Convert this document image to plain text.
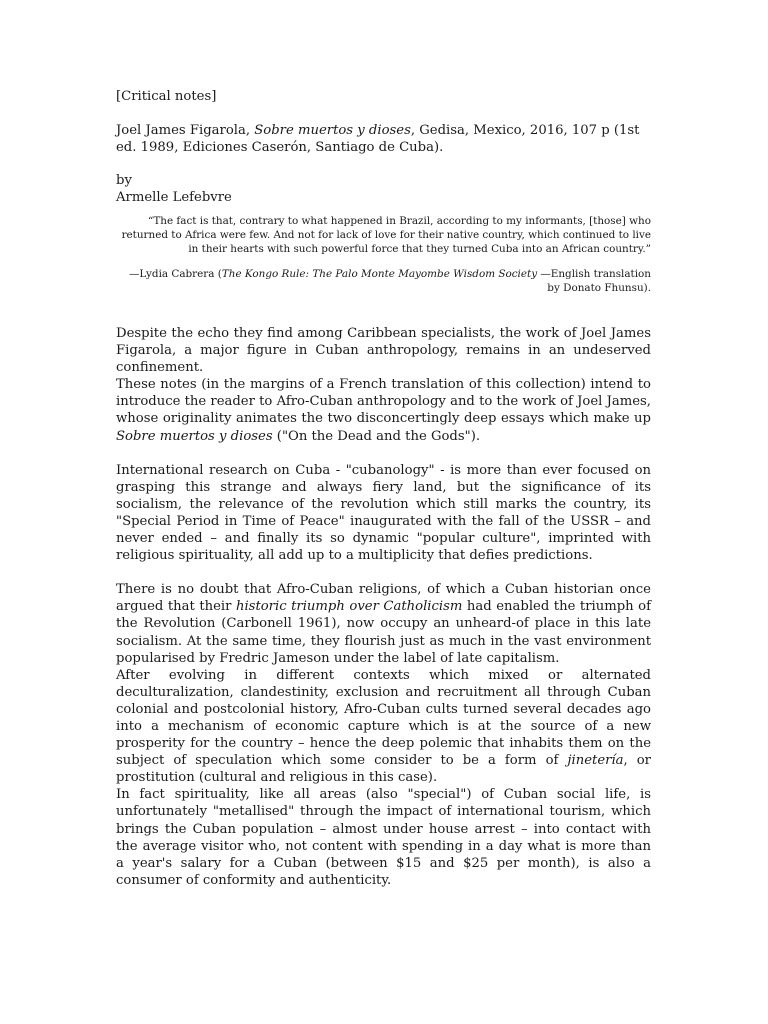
[Critical notes]

Joel James Figarola, Sobre muertos y dioses, Gedisa, Mexico, 2016, 107 p (1st ed. 1989, Ediciones Caserón, Santiago de Cuba).

by

Armelle Lefebvre

“The fact is that, contrary to what happened in Brazil, according to my informants, [those] who returned to Africa were few. And not for lack of love for their native country, which continued to live in their hearts with such powerful force that they turned Cuba into an African country.”

—Lydia Cabrera (The Kongo Rule: The Palo Monte Mayombe Wisdom Society —English translation by Donato Fhunsu).

Despite the echo they find among Caribbean specialists, the work of Joel James Figarola, a major figure in Cuban anthropology, remains in an undeserved confinement.

These notes (in the margins of a French translation of this collection) intend to introduce the reader to Afro-Cuban anthropology and to the work of Joel James, whose originality animates the two disconcertingly deep essays which make up Sobre muertos y dioses ("On the Dead and the Gods").

International research on Cuba - "cubanology" - is more than ever focused on grasping this strange and always fiery land, but the significance of its socialism, the relevance of the revolution which still marks the country, its "Special Period in Time of Peace" inaugurated with the fall of the USSR – and never ended – and finally its so dynamic "popular culture", imprinted with religious spirituality, all add up to a multiplicity that defies predictions.

There is no doubt that Afro-Cuban religions, of which a Cuban historian once argued that their historic triumph over Catholicism had enabled the triumph of the Revolution (Carbonell 1961), now occupy an unheard-of place in this late socialism. At the same time, they flourish just as much in the vast environment popularised by Fredric Jameson under the label of late capitalism.

After evolving in different contexts which mixed or alternated deculturalization, clandestinity, exclusion and recruitment all through Cuban colonial and postcolonial history, Afro-Cuban cults turned several decades ago into a mechanism of economic capture which is at the source of a new prosperity for the country – hence the deep polemic that inhabits them on the subject of speculation which some consider to be a form of jinetería, or prostitution (cultural and religious in this case).

In fact spirituality, like all areas (also "special") of Cuban social life, is unfortunately "metallised" through the impact of international tourism, which brings the Cuban population – almost under house arrest – into contact with the average visitor who, not content with spending in a day what is more than a year's salary for a Cuban (between $15 and $25 per month), is also a consumer of conformity and authenticity.
